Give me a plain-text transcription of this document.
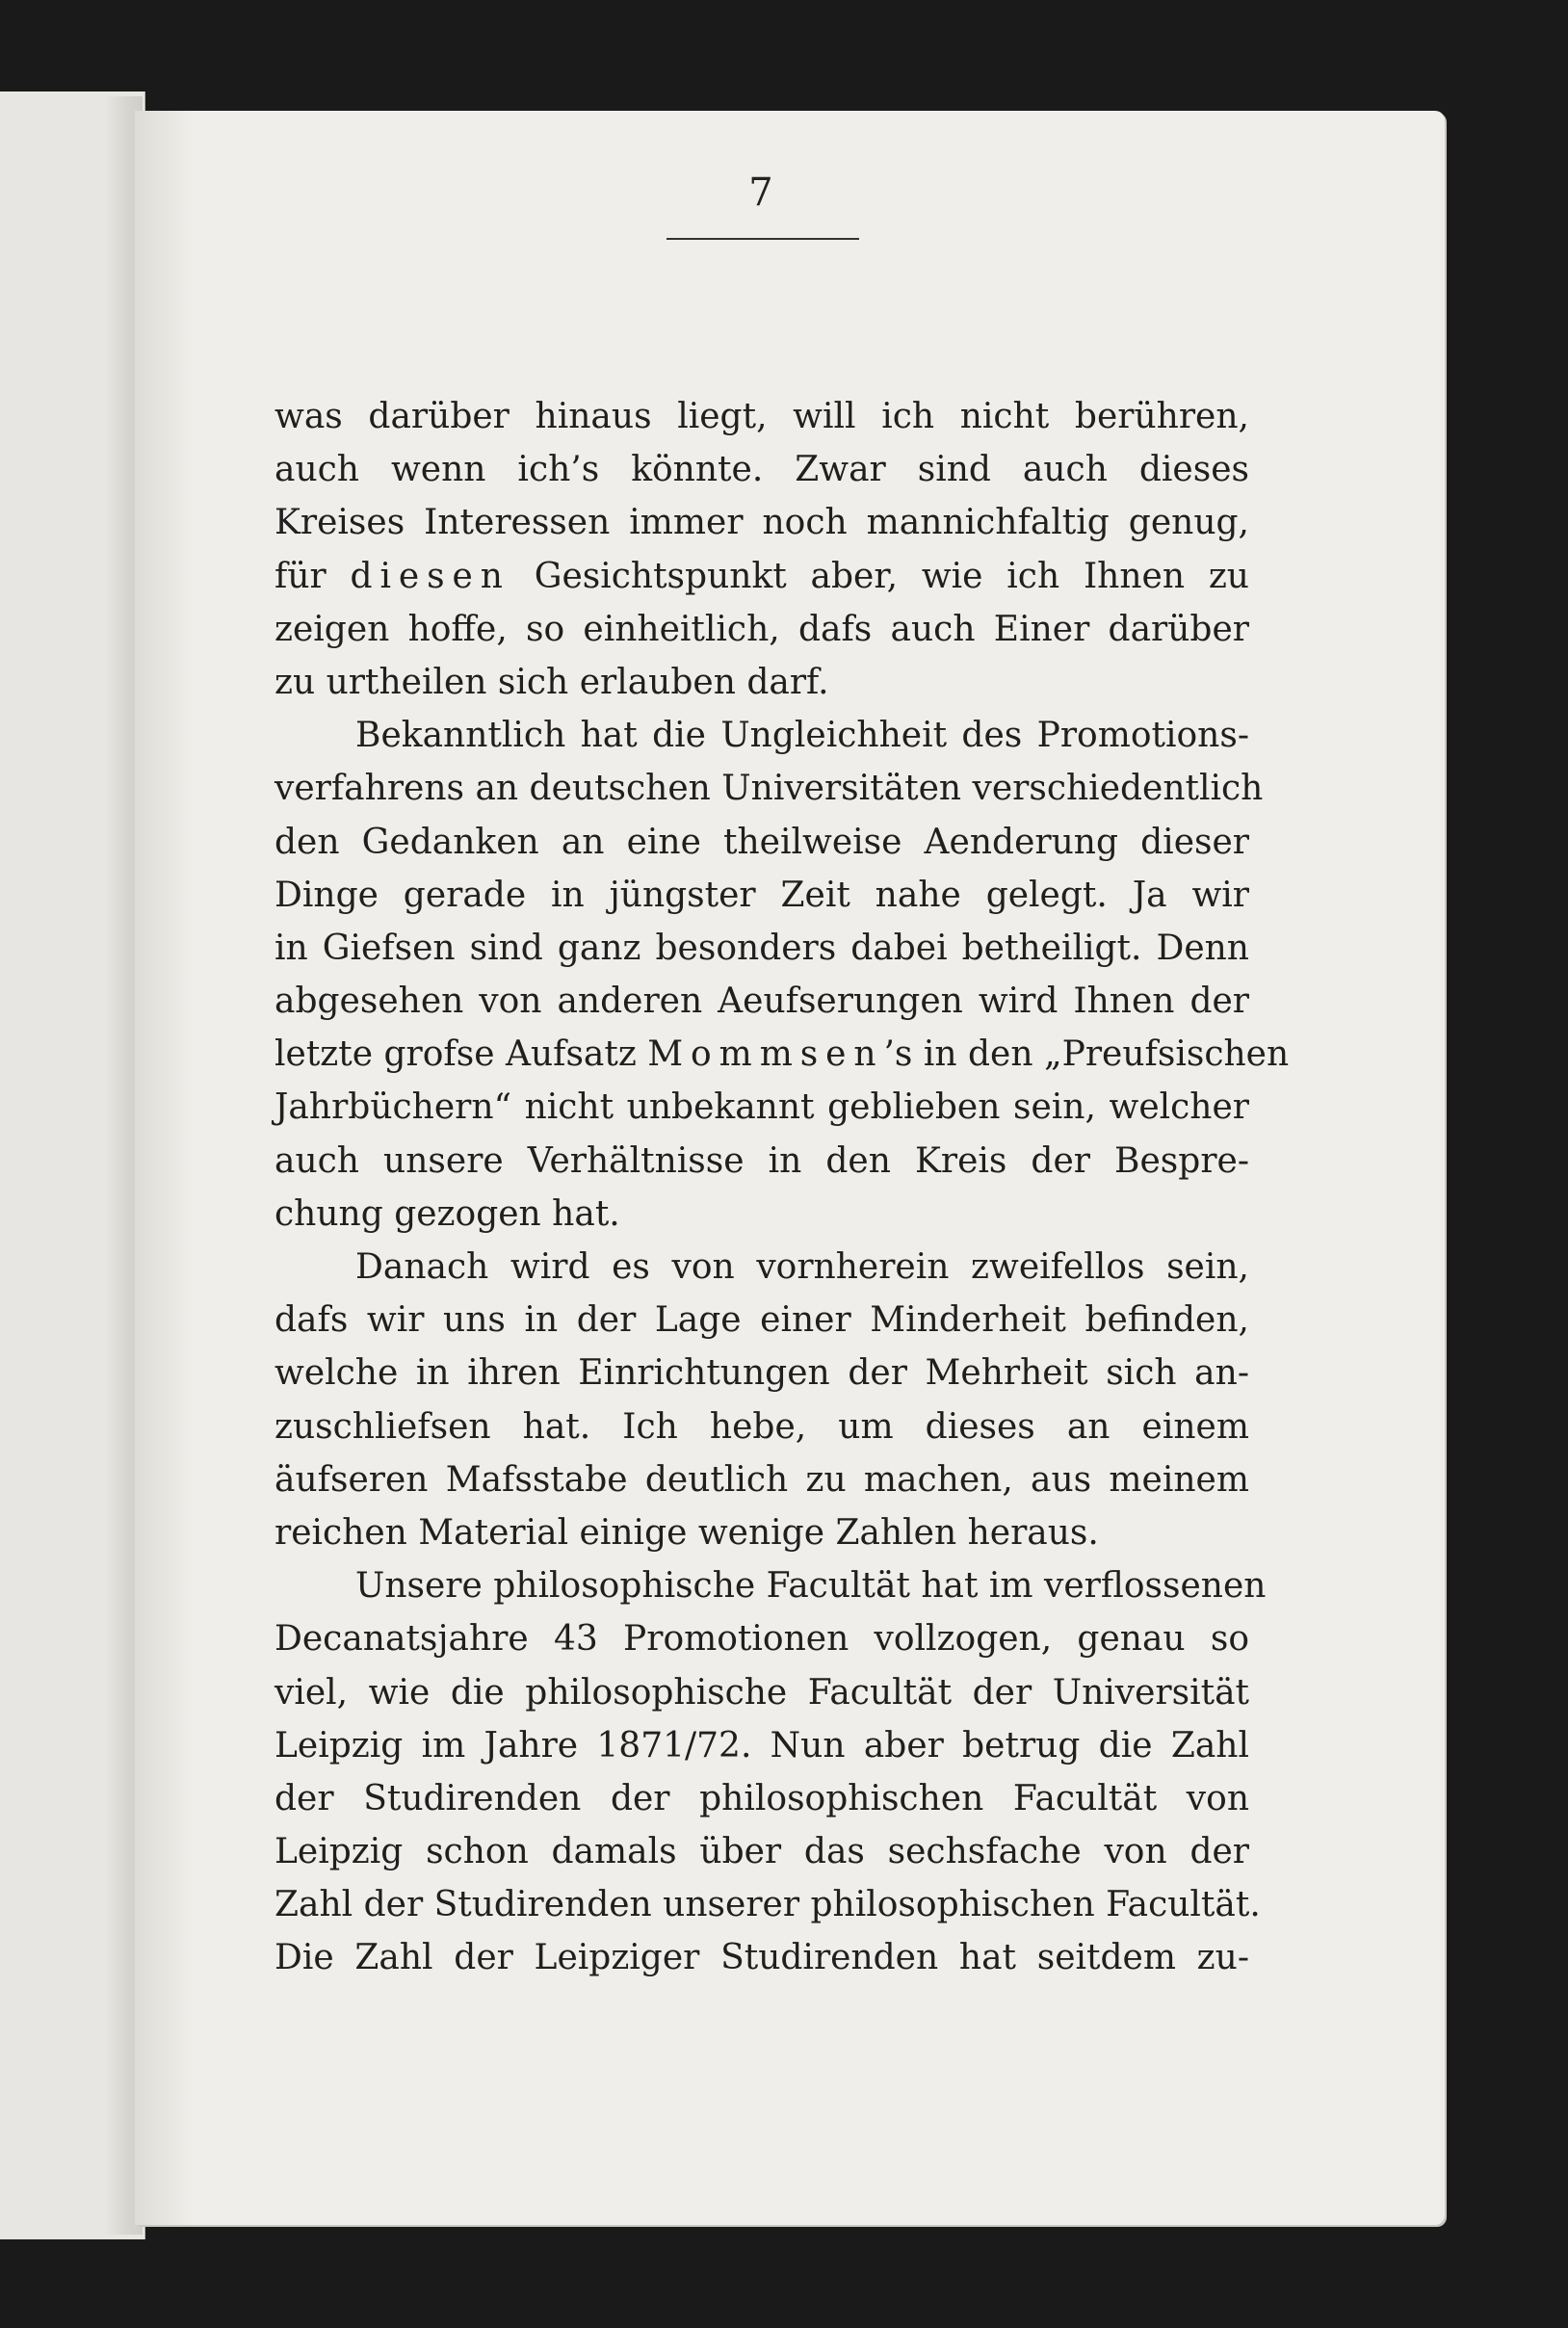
7
was darüber hinaus liegt, will ich nicht berühren,
auch wenn ich’s könnte. Zwar sind auch dieses
Kreises Interessen immer noch mannichfaltig genug,
für diesen Gesichtspunkt aber, wie ich Ihnen zu
zeigen hoffe, so einheitlich, dafs auch Einer darüber
zu urtheilen sich erlauben darf.
Bekanntlich hat die Ungleichheit des Promotions-
verfahrens an deutschen Universitäten verschiedentlich
den Gedanken an eine theilweise Aenderung dieser
Dinge gerade in jüngster Zeit nahe gelegt. Ja wir
in Giefsen sind ganz besonders dabei betheiligt. Denn
abgesehen von anderen Aeufserungen wird Ihnen der
letzte grofse Aufsatz Mommsen’s in den „Preufsischen
Jahrbüchern“ nicht unbekannt geblieben sein, welcher
auch unsere Verhältnisse in den Kreis der Bespre-
chung gezogen hat.
Danach wird es von vornherein zweifellos sein,
dafs wir uns in der Lage einer Minderheit befinden,
welche in ihren Einrichtungen der Mehrheit sich an-
zuschliefsen hat. Ich hebe, um dieses an einem
äufseren Mafsstabe deutlich zu machen, aus meinem
reichen Material einige wenige Zahlen heraus.
Unsere philosophische Facultät hat im verflossenen
Decanatsjahre 43 Promotionen vollzogen, genau so
viel, wie die philosophische Facultät der Universität
Leipzig im Jahre 1871/72. Nun aber betrug die Zahl
der Studirenden der philosophischen Facultät von
Leipzig schon damals über das sechsfache von der
Zahl der Studirenden unserer philosophischen Facultät.
Die Zahl der Leipziger Studirenden hat seitdem zu-
